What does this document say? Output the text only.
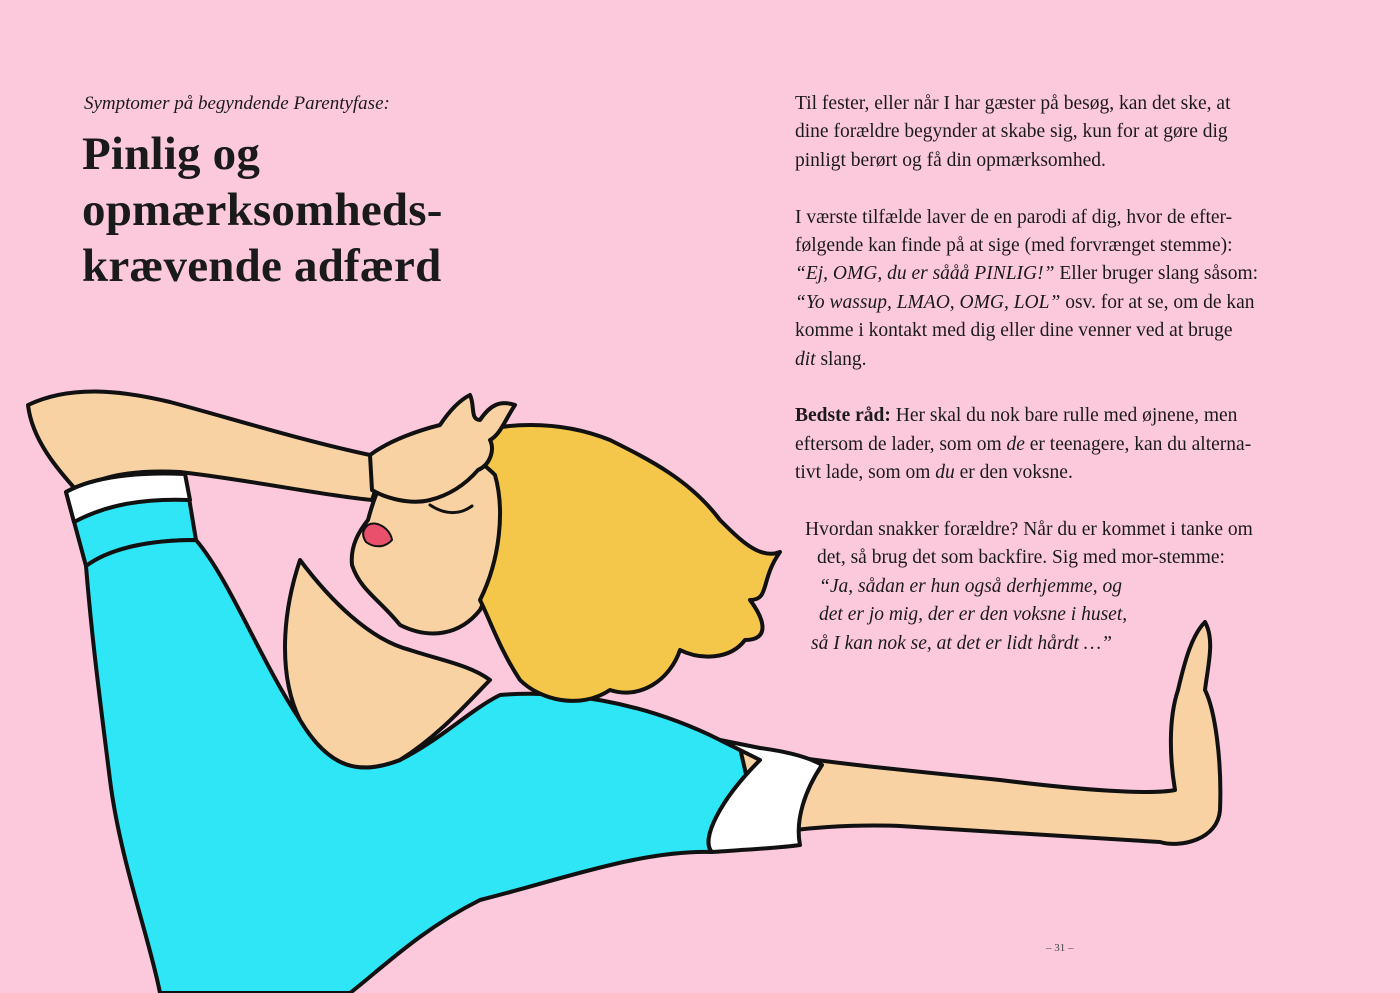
Symptomer på begyndende Parentyfase:

Pinlig og
opmærksomheds-
krævende adfærd

Til fester, eller når I har gæster på besøg, kan det ske, at
dine forældre begynder at skabe sig, kun for at gøre dig
pinligt berørt og få din opmærksomhed.

I værste tilfælde laver de en parodi af dig, hvor de efter-
følgende kan finde på at sige (med forvrænget stemme):
“Ej, OMG, du er sååå PINLIG!” Eller bruger slang såsom:
“Yo wassup, LMAO, OMG, LOL” osv. for at se, om de kan
komme i kontakt med dig eller dine venner ved at bruge
dit slang.

Bedste råd: Her skal du nok bare rulle med øjnene, men
eftersom de lader, som om de er teenagere, kan du alterna-
tivt lade, som om du er den voksne.

Hvordan snakker forældre? Når du er kommet i tanke om
det, så brug det som backfire. Sig med mor-stemme:
“Ja, sådan er hun også derhjemme, og
det er jo mig, der er den voksne i huset,
så I kan nok se, at det er lidt hårdt …”
– 31 –
